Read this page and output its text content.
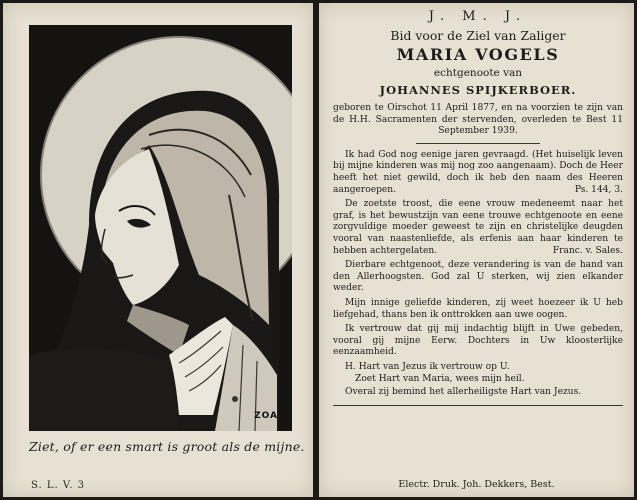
ZOA
Ziet, of er een smart is groot als de mijne.
S. L. V. 3
J. M. J.
Bid voor de Ziel van Zaliger
MARIA VOGELS
echtgenoote van
JOHANNES SPIJKERBOER.
geboren te Oirschot 11 April 1877, en na voorzien te zijn van de H.H. Sacramenten der stervenden, overleden te Best 11 September 1939.
Ik had God nog eenige jaren gevraagd. (Het huiselijk leven bij mijne kinderen was mij nog zoo aangenaam). Doch de Heer heeft het niet gewild, doch ik heb den naam des Heeren aangeroepen.	Ps. 144, 3.
De zoetste troost, die eene vrouw medeneemt naar het graf, is het bewustzijn van eene trouwe echtgenoote en eene zorgvuldige moeder geweest te zijn en christelijke deugden vooral van naastenliefde, als erfenis aan haar kinderen te hebben achtergelaten.	Franc. v. Sales.
Dierbare echtgenoot, deze verandering is van de hand van den Allerhoogsten. God zal U sterken, wij zien elkander weder.
Mijn innige geliefde kinderen, zij weet hoezeer ik U heb liefgehad, thans ben ik onttrokken aan uwe oogen.
Ik vertrouw dat gij mij indachtig blijft in Uwe gebeden, vooral gij mijne Eerw. Dochters in Uw kloosterlijke eenzaamheid.
H. Hart van Jezus ik vertrouw op U.
Zoet Hart van Maria, wees mijn heil.
Overal zij bemind het allerheiligste Hart van Jezus.
Electr. Druk. Joh. Dekkers, Best.
